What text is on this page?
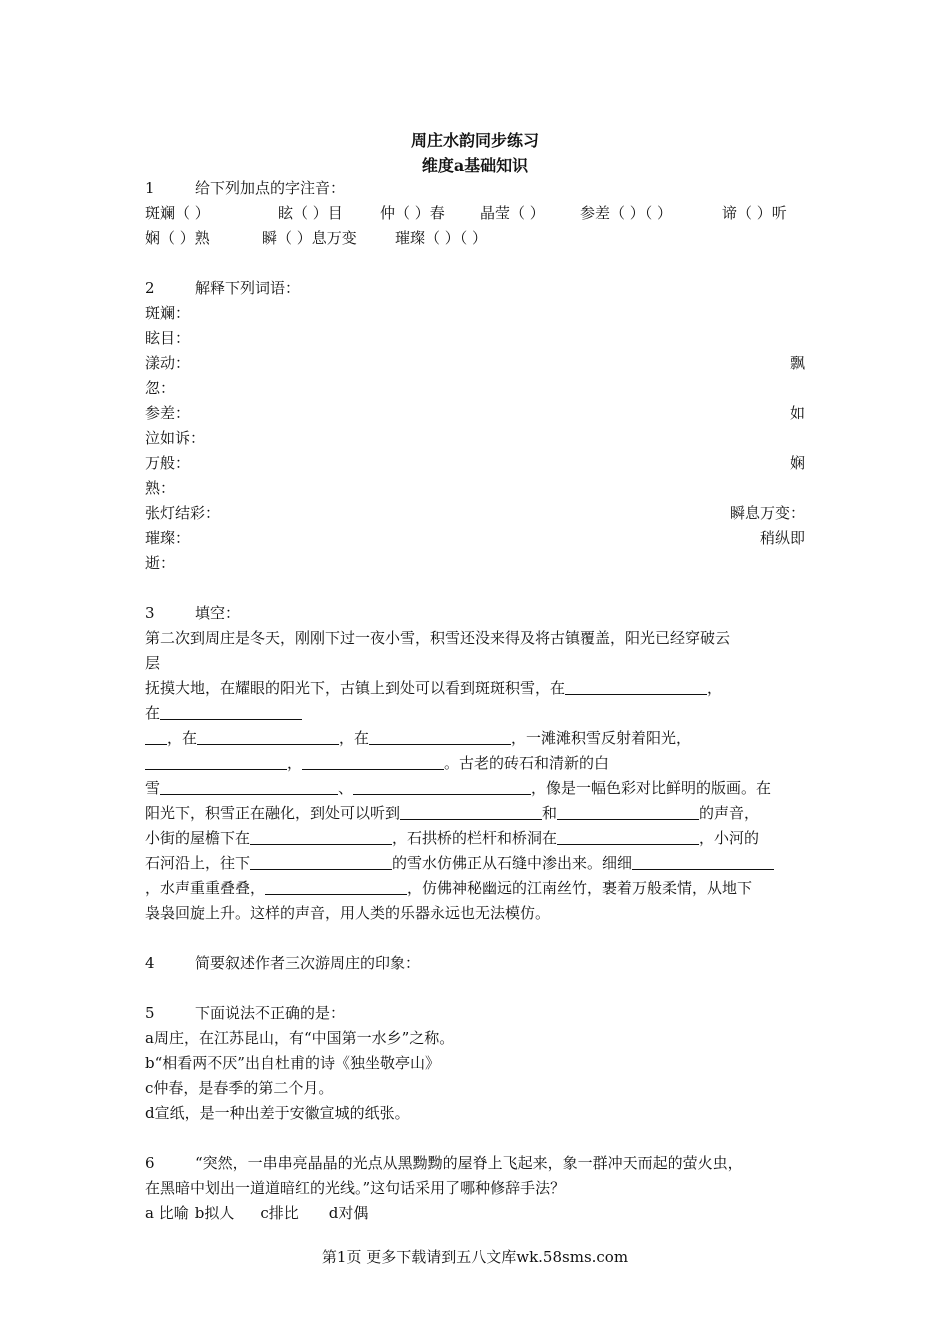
周庄水韵同步练习
维度a基础知识
1	给下列加点的字注音：
斑斓（ ）	眩（ ）目 仲（ ）春 晶莹（ ） 参差（ ）（ ）	谛（ ）听
娴（ ）熟	瞬（ ）息万变	璀璨（ ）（ ）
2	解释下列词语：
斑斓：
眩目：
漾动：	飘
忽：
参差：	如
泣如诉：
万般：	娴
熟：
张灯结彩：	瞬息万变：
璀璨：	稍纵即
逝：
3	填空：
第二次到周庄是冬天，刚刚下过一夜小雪，积雪还没来得及将古镇覆盖，阳光已经穿破云
层
抚摸大地，在耀眼的阳光下，古镇上到处可以看到斑斑积雪，在	，
在
，在	，在	，一滩滩积雪反射着阳光，
，	。古老的砖石和清新的白
雪	、	，像是一幅色彩对比鲜明的版画。在
阳光下，积雪正在融化，到处可以听到	和	的声音，
小街的屋檐下在	，石拱桥的栏杆和桥洞在	，小河的
石河沿上，往下	的雪水仿佛正从石缝中渗出来。细细
，水声重重叠叠，	，仿佛神秘幽远的江南丝竹，裹着万般柔情，从地下
袅袅回旋上升。这样的声音，用人类的乐器永远也无法模仿。
4	简要叙述作者三次游周庄的印象：
5	下面说法不正确的是：
a周庄，在江苏昆山，有“中国第一水乡”之称。
b“相看两不厌”出自杜甫的诗《独坐敬亭山》
c仲春，是春季的第二个月。
d宣纸，是一种出差于安徽宣城的纸张。
6	“突然，一串串亮晶晶的光点从黑黝黝的屋脊上飞起来，象一群冲天而起的萤火虫，
在黑暗中划出一道道暗红的光线。”这句话采用了哪种修辞手法？
a 比喻 b拟人 c排比 d对偶
第1页 更多下载请到五八文库wk.58sms.com
